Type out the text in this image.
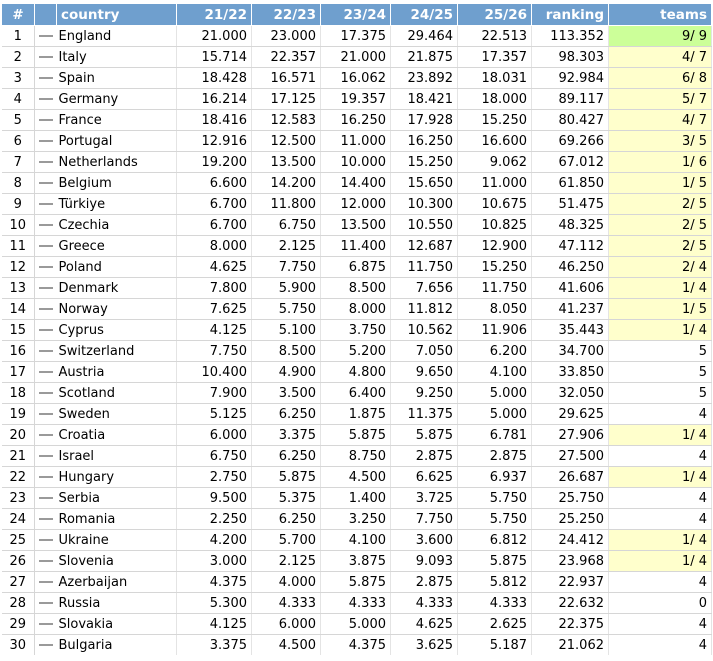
#		country	21/22	22/23	23/24	24/25	25/26	ranking	teams
1		England	21.000	23.000	17.375	29.464	22.513	113.352	9/ 9
2		Italy	15.714	22.357	21.000	21.875	17.357	98.303	4/ 7
3		Spain	18.428	16.571	16.062	23.892	18.031	92.984	6/ 8
4		Germany	16.214	17.125	19.357	18.421	18.000	89.117	5/ 7
5		France	18.416	12.583	16.250	17.928	15.250	80.427	4/ 7
6		Portugal	12.916	12.500	11.000	16.250	16.600	69.266	3/ 5
7		Netherlands	19.200	13.500	10.000	15.250	9.062	67.012	1/ 6
8		Belgium	6.600	14.200	14.400	15.650	11.000	61.850	1/ 5
9		Türkiye	6.700	11.800	12.000	10.300	10.675	51.475	2/ 5
10		Czechia	6.700	6.750	13.500	10.550	10.825	48.325	2/ 5
11		Greece	8.000	2.125	11.400	12.687	12.900	47.112	2/ 5
12		Poland	4.625	7.750	6.875	11.750	15.250	46.250	2/ 4
13		Denmark	7.800	5.900	8.500	7.656	11.750	41.606	1/ 4
14		Norway	7.625	5.750	8.000	11.812	8.050	41.237	1/ 5
15		Cyprus	4.125	5.100	3.750	10.562	11.906	35.443	1/ 4
16		Switzerland	7.750	8.500	5.200	7.050	6.200	34.700	5
17		Austria	10.400	4.900	4.800	9.650	4.100	33.850	5
18		Scotland	7.900	3.500	6.400	9.250	5.000	32.050	5
19		Sweden	5.125	6.250	1.875	11.375	5.000	29.625	4
20		Croatia	6.000	3.375	5.875	5.875	6.781	27.906	1/ 4
21		Israel	6.750	6.250	8.750	2.875	2.875	27.500	4
22		Hungary	2.750	5.875	4.500	6.625	6.937	26.687	1/ 4
23		Serbia	9.500	5.375	1.400	3.725	5.750	25.750	4
24		Romania	2.250	6.250	3.250	7.750	5.750	25.250	4
25		Ukraine	4.200	5.700	4.100	3.600	6.812	24.412	1/ 4
26		Slovenia	3.000	2.125	3.875	9.093	5.875	23.968	1/ 4
27		Azerbaijan	4.375	4.000	5.875	2.875	5.812	22.937	4
28		Russia	5.300	4.333	4.333	4.333	4.333	22.632	0
29		Slovakia	4.125	6.000	5.000	4.625	2.625	22.375	4
30		Bulgaria	3.375	4.500	4.375	3.625	5.187	21.062	4
